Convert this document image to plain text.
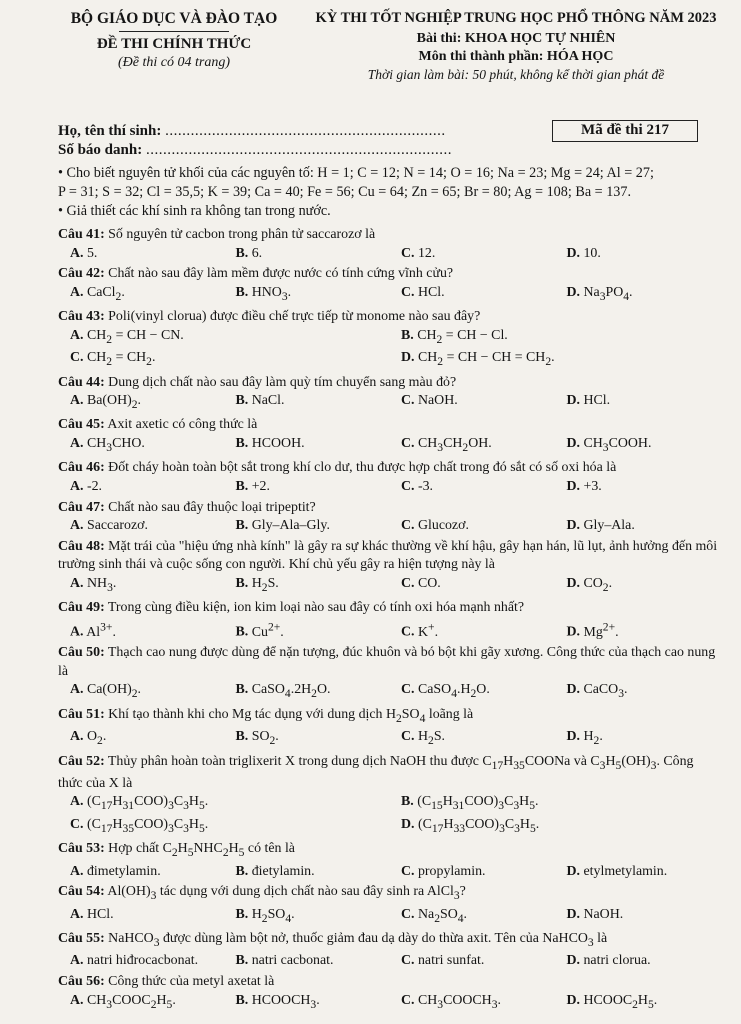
BỘ GIÁO DỤC VÀ ĐÀO TẠO
ĐỀ THI CHÍNH THỨC
(Đề thi có 04 trang)
KỲ THI TỐT NGHIỆP TRUNG HỌC PHỔ THÔNG NĂM 2023
Bài thi: KHOA HỌC TỰ NHIÊN
Môn thi thành phần: HÓA HỌC
Thời gian làm bài: 50 phút, không kể thời gian phát đề
Họ, tên thí sinh: ..................................................................
Số báo danh: ........................................................................
Mã đề thi 217
• Cho biết nguyên tử khối của các nguyên tố: H = 1; C = 12; N = 14; O = 16; Na = 23; Mg = 24; Al = 27;
P = 31; S = 32; Cl = 35,5; K = 39; Ca = 40; Fe = 56; Cu = 64; Zn = 65; Br = 80; Ag = 108; Ba = 137.
• Giả thiết các khí sinh ra không tan trong nước.
Câu 41: Số nguyên tử cacbon trong phân tử saccarozơ là
A. 5.	B. 6.	C. 12.	D. 10.
Câu 42: Chất nào sau đây làm mềm được nước có tính cứng vĩnh cửu?
A. CaCl$_2$.	B. $HNO_3$.	C. HCl.	D. $Na_3PO_4$.
Câu 43: Poli(vinyl clorua) được điều chế trực tiếp từ monome nào sau đây?
A. $CH_2$ = CH − CN.	B. $CH_2$ = CH − Cl.
C. $CH_2 = CH_2$.	D. $CH_2$ = CH − CH = $CH_2$.
Câu 44: Dung dịch chất nào sau đây làm quỳ tím chuyển sang màu đỏ?
A. $Ba(OH)_2$.	B. NaCl.	C. NaOH.	D. HCl.
Câu 45: Axit axetic có công thức là
A. $CH_3CHO$.	B. HCOOH.	C. $CH_3CH_2OH$.	D. $CH_3COOH$.
Câu 46: Đốt cháy hoàn toàn bột sắt trong khí clo dư, thu được hợp chất trong đó sắt có số oxi hóa là
A. -2.	B. +2.	C. -3.	D. +3.
Câu 47: Chất nào sau đây thuộc loại tripeptit?
A. Saccarozơ.	B. Gly–Ala–Gly.	C. Glucozơ.	D. Gly–Ala.
Câu 48: Mặt trái của "hiệu ứng nhà kính" là gây ra sự khác thường về khí hậu, gây hạn hán, lũ lụt, ảnh hưởng đến môi trường sinh thái và cuộc sống con người. Khí chủ yếu gây ra hiện tượng này là
A. $NH_3$.	B. $H_2S$.	C. CO.	D. $CO_2$.
Câu 49: Trong cùng điều kiện, ion kim loại nào sau đây có tính oxi hóa mạnh nhất?
A. $Al^{3+}$.	B. $Cu^{2+}$.	C. K+.	D. $Mg^{2+}$.
Câu 50: Thạch cao nung được dùng để nặn tượng, đúc khuôn và bó bột khi gãy xương. Công thức của thạch cao nung là
A. $Ca(OH)_2$.	B. $CaSO_4.2H_2O$.	C. $CaSO_4.H_2O$.	D. CaCO$_3$.
Câu 51: Khí tạo thành khi cho Mg tác dụng với dung dịch $H_2SO_4$ loãng là
A. $O_2$.	B. $SO_2$.	C. $H_2S$.	D. $H_2$.
Câu 52: Thủy phân hoàn toàn triglixerit X trong dung dịch NaOH thu được $C_{17}H_{35}COONa$ và $C_3H_5(OH)_3$. Công thức của X là
A. $(C_{17}H_{31}COO)_3C_3H_5$.	B. $(C_{15}H_{31}COO)_3C_3H_5$.
C. $(C_{17}H_{35}COO)_3C_3H_5$.	D. $(C_{17}H_{33}COO)_3C_3H_5$.
Câu 53: Hợp chất $C_2H_5NHC_2H_5$ có tên là
A. đimetylamin.	B. đietylamin.	C. propylamin.	D. etylmetylamin.
Câu 54: $Al(OH)_3$ tác dụng với dung dịch chất nào sau đây sinh ra AlCl$_3$?
A. HCl.	B. $H_2SO_4$.	C. $Na_2SO_4$.	D. NaOH.
Câu 55: NaHCO$_3$ được dùng làm bột nở, thuốc giảm đau dạ dày do thừa axit. Tên của NaHCO$_3$ là
A. natri hiđrocacbonat.	B. natri cacbonat.	C. natri sunfat.	D. natri clorua.
Câu 56: Công thức của metyl axetat là
A. $CH_3COOC_2H_5$.	B. $HCOOCH_3$.	C. $CH_3COOCH_3$.	D. $HCOOC_2H_5$.
